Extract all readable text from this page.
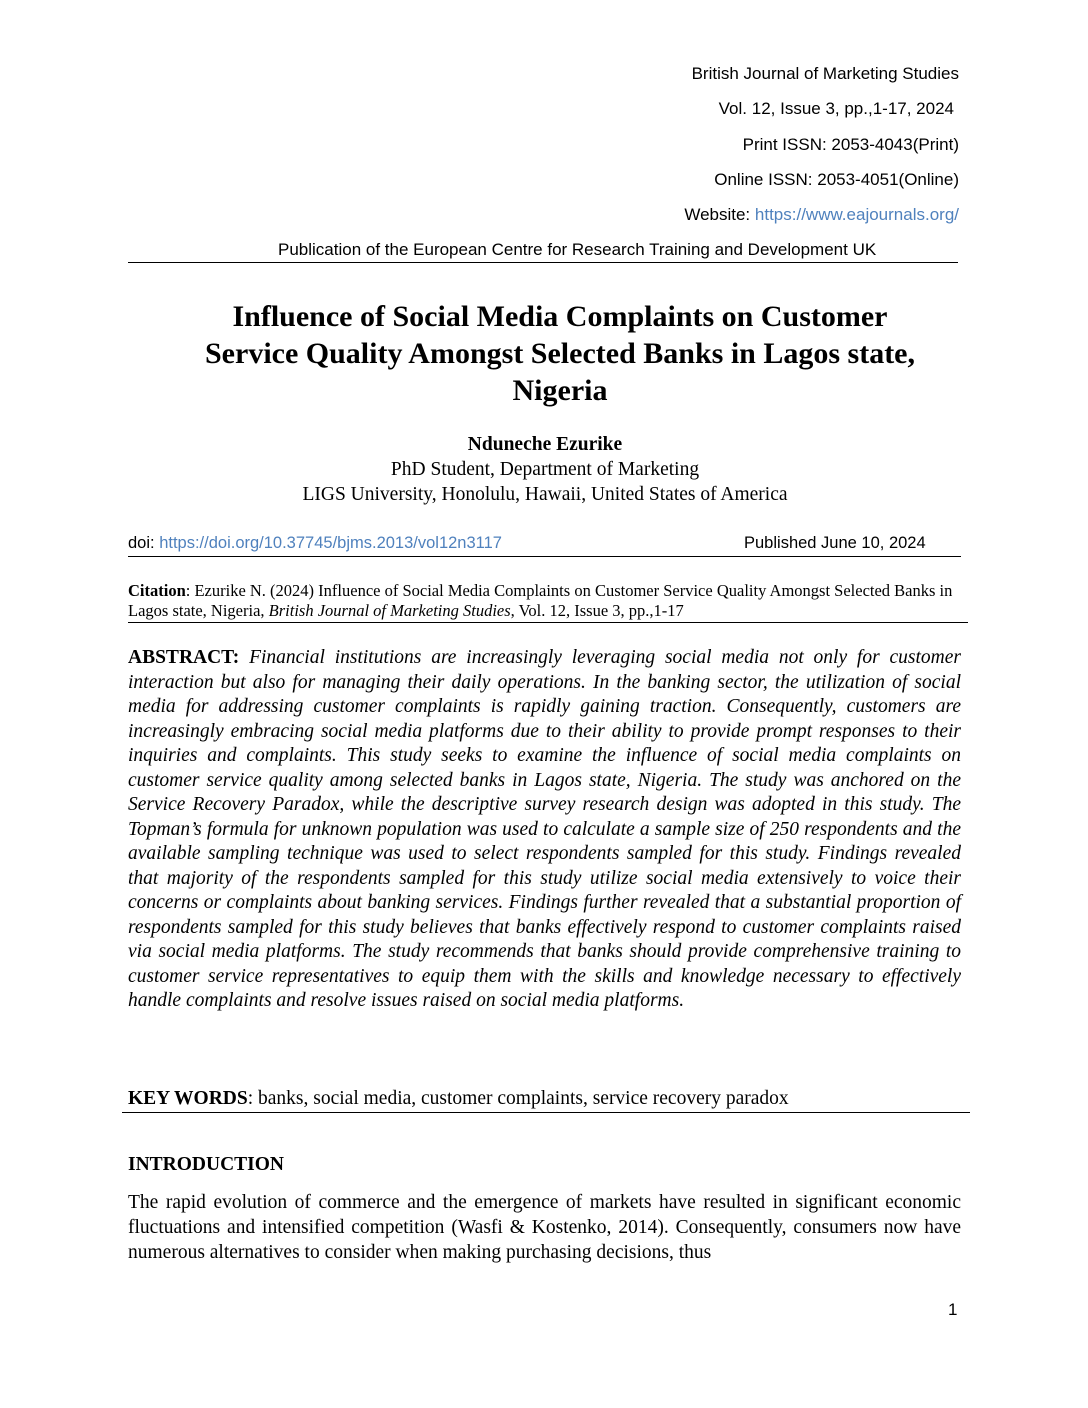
British Journal of Marketing Studies
Vol. 12, Issue 3, pp.,1-17, 2024
Print ISSN: 2053-4043(Print)
Online ISSN: 2053-4051(Online)
Website: https://www.eajournals.org/
Publication of the European Centre for Research Training and Development UK
Influence of Social Media Complaints on Customer
Service Quality Amongst Selected Banks in Lagos state,
Nigeria
Nduneche Ezurike
PhD Student, Department of Marketing
LIGS University, Honolulu, Hawaii, United States of America
doi: https://doi.org/10.37745/bjms.2013/vol12n3117	Published June 10, 2024
Citation: Ezurike N. (2024) Influence of Social Media Complaints on Customer Service Quality Amongst Selected Banks in Lagos state, Nigeria, British Journal of Marketing Studies, Vol. 12, Issue 3, pp.,1-17
ABSTRACT: Financial institutions are increasingly leveraging social media not only for customer interaction but also for managing their daily operations. In the banking sector, the utilization of social media for addressing customer complaints is rapidly gaining traction. Consequently, customers are increasingly embracing social media platforms due to their ability to provide prompt responses to their inquiries and complaints. This study seeks to examine the influence of social media complaints on customer service quality among selected banks in Lagos state, Nigeria. The study was anchored on the Service Recovery Paradox, while the descriptive survey research design was adopted in this study. The Topman’s formula for unknown population was used to calculate a sample size of 250 respondents and the available sampling technique was used to select respondents sampled for this study. Findings revealed that majority of the respondents sampled for this study utilize social media extensively to voice their concerns or complaints about banking services. Findings further revealed that a substantial proportion of respondents sampled for this study believes that banks effectively respond to customer complaints raised via social media platforms. The study recommends that banks should provide comprehensive training to customer service representatives to equip them with the skills and knowledge necessary to effectively handle complaints and resolve issues raised on social media platforms.
KEY WORDS: banks, social media, customer complaints, service recovery paradox
INTRODUCTION
The rapid evolution of commerce and the emergence of markets have resulted in significant economic fluctuations and intensified competition (Wasfi & Kostenko, 2014). Consequently, consumers now have numerous alternatives to consider when making purchasing decisions, thus
1
